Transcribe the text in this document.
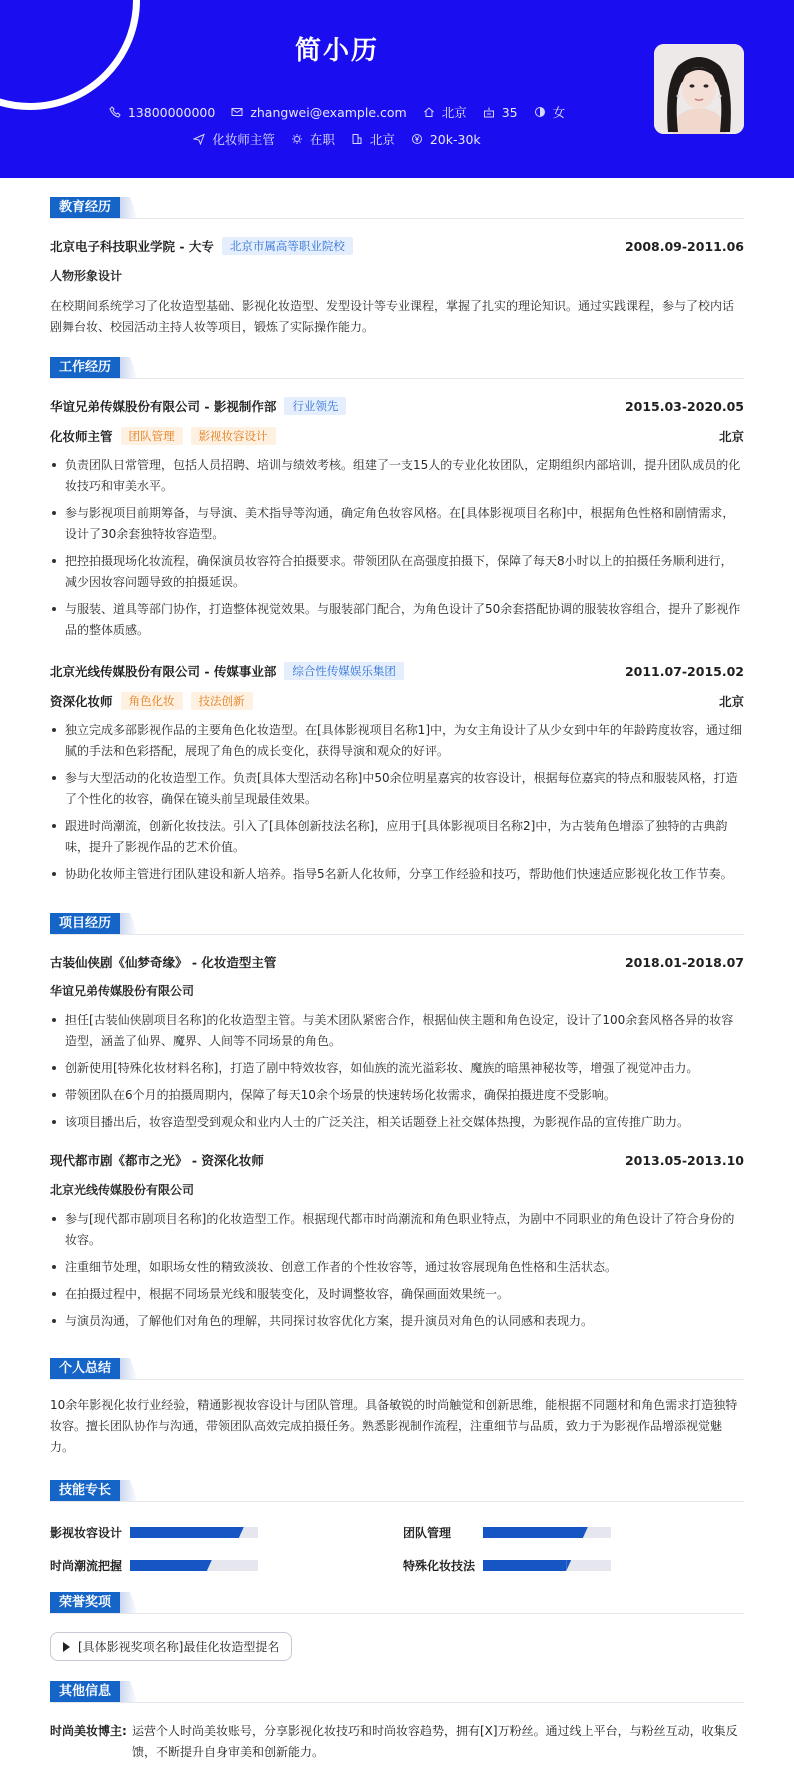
简小历
13800000000	zhangwei@example.com	北京	35	女
化妆师主管	在职	北京	20k-30k
教育经历
北京电子科技职业学院 - 大专	北京市属高等职业院校	2008.09-2011.06
人物形象设计
在校期间系统学习了化妆造型基础、影视化妆造型、发型设计等专业课程，掌握了扎实的理论知识。通过实践课程，参与了校内话剧舞台妆、校园活动主持人妆等项目，锻炼了实际操作能力。
工作经历
华谊兄弟传媒股份有限公司 - 影视制作部	行业领先	2015.03-2020.05
化妆师主管	团队管理	影视妆容设计	北京
负责团队日常管理，包括人员招聘、培训与绩效考核。组建了一支15人的专业化妆团队，定期组织内部培训，提升团队成员的化妆技巧和审美水平。
参与影视项目前期筹备，与导演、美术指导等沟通，确定角色妆容风格。在[具体影视项目名称]中，根据角色性格和剧情需求，设计了30余套独特妆容造型。
把控拍摄现场化妆流程，确保演员妆容符合拍摄要求。带领团队在高强度拍摄下，保障了每天8小时以上的拍摄任务顺利进行，减少因妆容问题导致的拍摄延误。
与服装、道具等部门协作，打造整体视觉效果。与服装部门配合，为角色设计了50余套搭配协调的服装妆容组合，提升了影视作品的整体质感。
北京光线传媒股份有限公司 - 传媒事业部	综合性传媒娱乐集团	2011.07-2015.02
资深化妆师	角色化妆	技法创新	北京
独立完成多部影视作品的主要角色化妆造型。在[具体影视项目名称1]中，为女主角设计了从少女到中年的年龄跨度妆容，通过细腻的手法和色彩搭配，展现了角色的成长变化，获得导演和观众的好评。
参与大型活动的化妆造型工作。负责[具体大型活动名称]中50余位明星嘉宾的妆容设计，根据每位嘉宾的特点和服装风格，打造了个性化的妆容，确保在镜头前呈现最佳效果。
跟进时尚潮流，创新化妆技法。引入了[具体创新技法名称]，应用于[具体影视项目名称2]中，为古装角色增添了独特的古典韵味，提升了影视作品的艺术价值。
协助化妆师主管进行团队建设和新人培养。指导5名新人化妆师，分享工作经验和技巧，帮助他们快速适应影视化妆工作节奏。
项目经历
古装仙侠剧《仙梦奇缘》 - 化妆造型主管	2018.01-2018.07
华谊兄弟传媒股份有限公司
担任[古装仙侠剧项目名称]的化妆造型主管。与美术团队紧密合作，根据仙侠主题和角色设定，设计了100余套风格各异的妆容造型，涵盖了仙界、魔界、人间等不同场景的角色。
创新使用[特殊化妆材料名称]，打造了剧中特效妆容，如仙族的流光溢彩妆、魔族的暗黑神秘妆等，增强了视觉冲击力。
带领团队在6个月的拍摄周期内，保障了每天10余个场景的快速转场化妆需求，确保拍摄进度不受影响。
该项目播出后，妆容造型受到观众和业内人士的广泛关注，相关话题登上社交媒体热搜，为影视作品的宣传推广助力。
现代都市剧《都市之光》 - 资深化妆师	2013.05-2013.10
北京光线传媒股份有限公司
参与[现代都市剧项目名称]的化妆造型工作。根据现代都市时尚潮流和角色职业特点，为剧中不同职业的角色设计了符合身份的妆容。
注重细节处理，如职场女性的精致淡妆、创意工作者的个性妆容等，通过妆容展现角色性格和生活状态。
在拍摄过程中，根据不同场景光线和服装变化，及时调整妆容，确保画面效果统一。
与演员沟通，了解他们对角色的理解，共同探讨妆容优化方案，提升演员对角色的认同感和表现力。
个人总结
10余年影视化妆行业经验，精通影视妆容设计与团队管理。具备敏锐的时尚触觉和创新思维，能根据不同题材和角色需求打造独特妆容。擅长团队协作与沟通，带领团队高效完成拍摄任务。熟悉影视制作流程，注重细节与品质，致力于为影视作品增添视觉魅力。
技能专长
影视妆容设计	团队管理
时尚潮流把握	特殊化妆技法
荣誉奖项
[具体影视奖项名称]最佳化妆造型提名
其他信息
时尚美妆博主: 运营个人时尚美妆账号，分享影视化妆技巧和时尚妆容趋势，拥有[X]万粉丝。通过线上平台，与粉丝互动，收集反馈，不断提升自身审美和创新能力。
